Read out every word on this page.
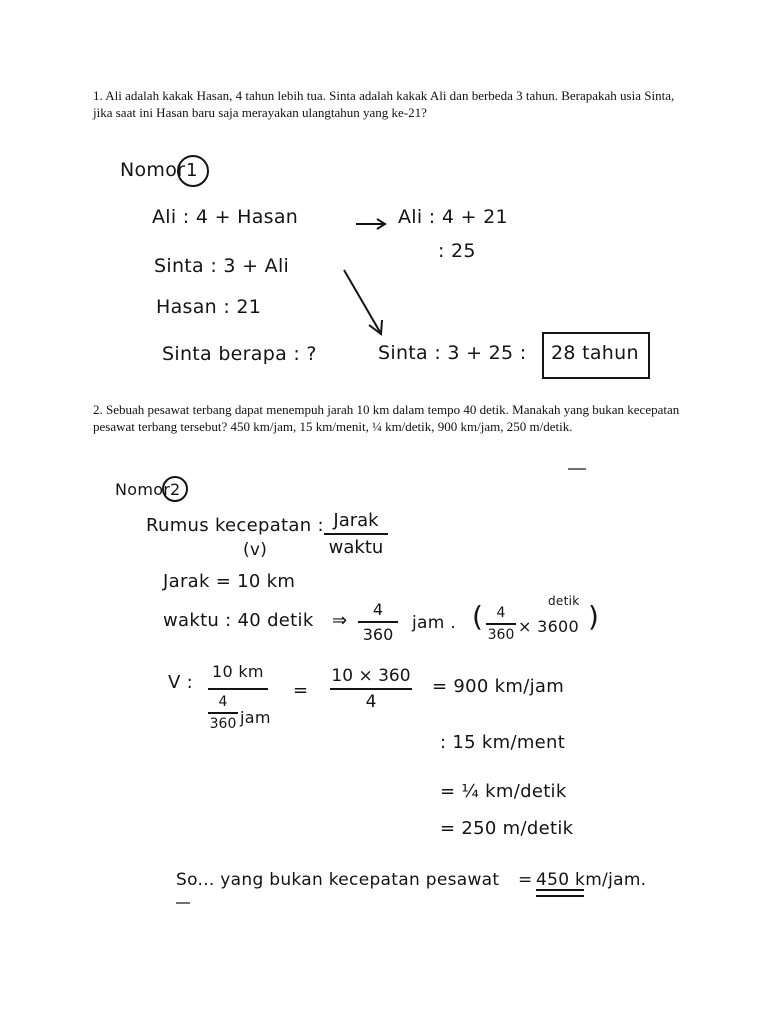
1. Ali adalah kakak Hasan, 4 tahun lebih tua. Sinta adalah kakak Ali dan berbeda 3 tahun. Berapakah usia Sinta, jika saat ini Hasan baru saja merayakan ulangtahun yang ke-21?
2. Sebuah pesawat terbang dapat menempuh jarah 10 km dalam tempo 40 detik. Manakah yang bukan kecepatan pesawat terbang tersebut? 450 km/jam, 15 km/menit, ¼ km/detik, 900 km/jam, 250 m/detik.
Nomor 1
Ali : 4 + Hasan	Ali : 4 + 21
: 25
Sinta : 3 + Ali
Hasan : 21
Sinta berapa : ?	Sinta : 3 + 25 : 28 tahun
Nomor 2
Rumus kecepatan :
(v)
Jarak
waktu
Jarak = 10 km
waktu : 40 detik ⇒
4
360
jam . ( 4
360 × 3600
detik )
V :
10 km
4
360 jam
=
10 × 360
4
= 900 km/jam
: 15 km/ment
= ¼ km/detik
= 250 m/detik
So... yang bukan kecepatan pesawat = 450 km/jam.
